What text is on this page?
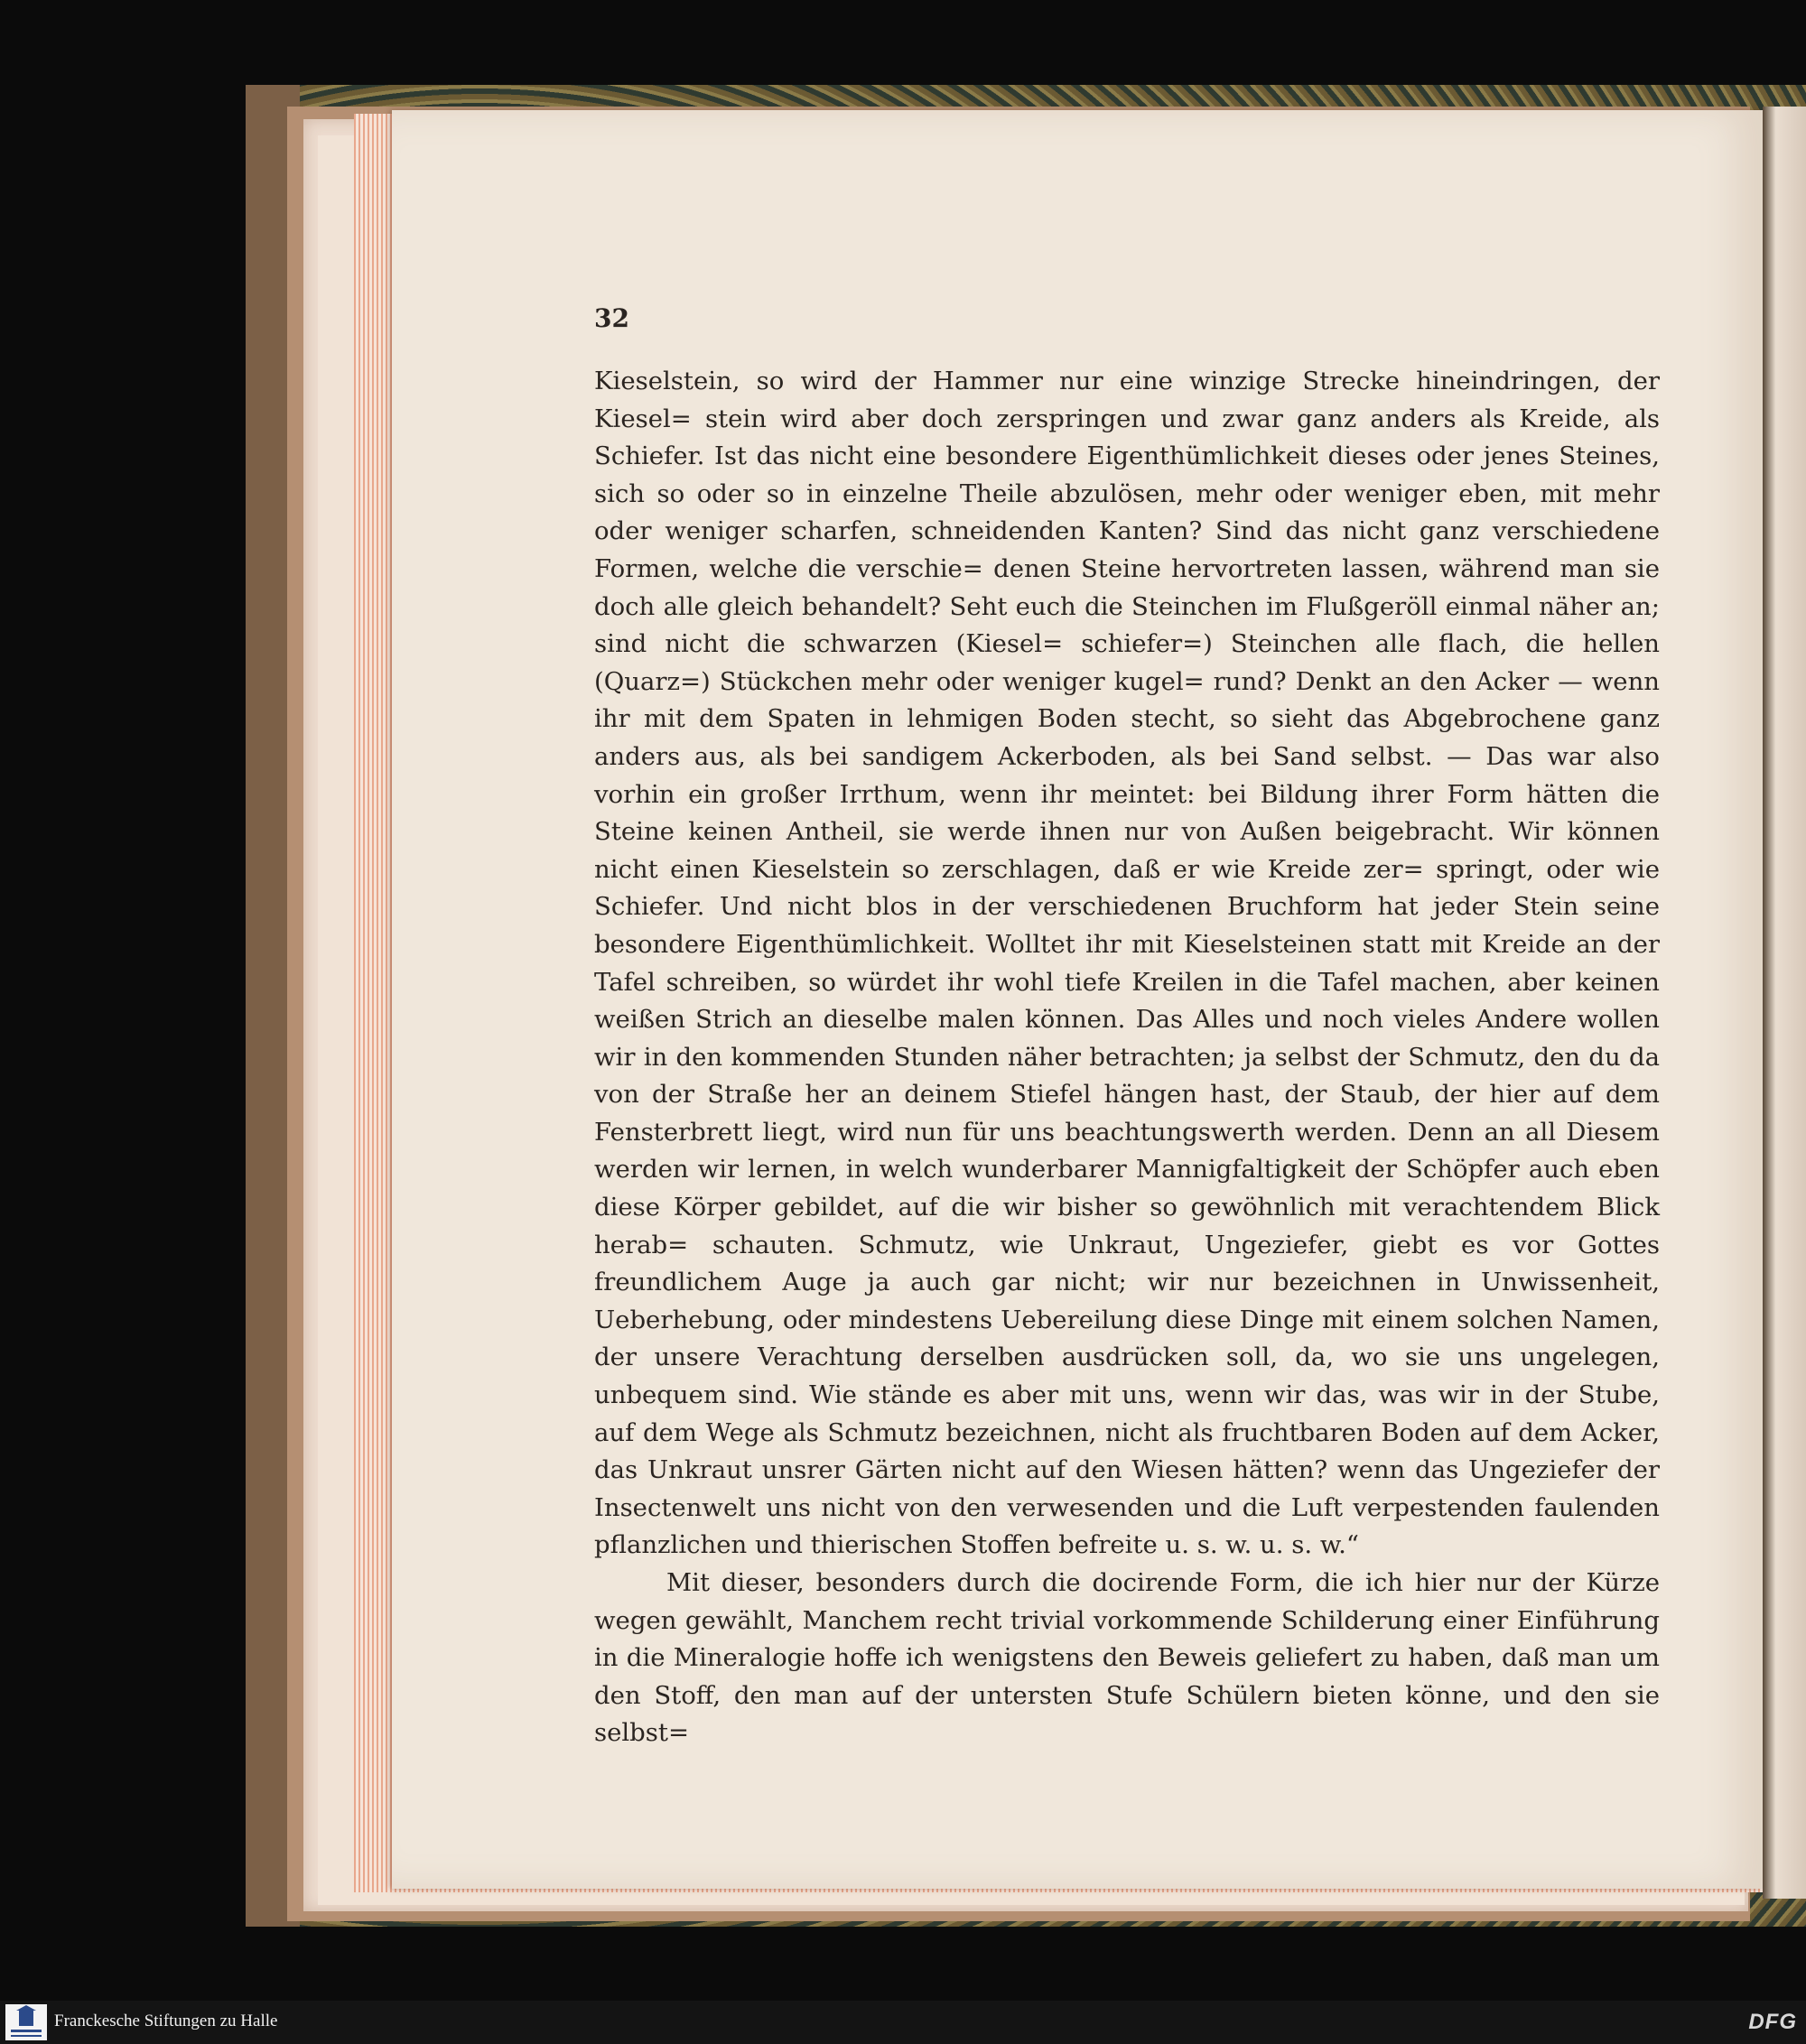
32

Kieselstein, so wird der Hammer nur eine winzige Strecke hineindringen, der Kiesel= stein wird aber doch zerspringen und zwar ganz anders als Kreide, als Schiefer. Ist das nicht eine besondere Eigenthümlichkeit dieses oder jenes Steines, sich so oder so in einzelne Theile abzulösen, mehr oder weniger eben, mit mehr oder weniger scharfen, schneidenden Kanten? Sind das nicht ganz verschiedene Formen, welche die verschie= denen Steine hervortreten lassen, während man sie doch alle gleich behandelt? Seht euch die Steinchen im Flußgeröll einmal näher an; sind nicht die schwarzen (Kiesel= schiefer=) Steinchen alle flach, die hellen (Quarz=) Stückchen mehr oder weniger kugel= rund? Denkt an den Acker — wenn ihr mit dem Spaten in lehmigen Boden stecht, so sieht das Abgebrochene ganz anders aus, als bei sandigem Ackerboden, als bei Sand selbst. — Das war also vorhin ein großer Irrthum, wenn ihr meintet: bei Bildung ihrer Form hätten die Steine keinen Antheil, sie werde ihnen nur von Außen beigebracht. Wir können nicht einen Kieselstein so zerschlagen, daß er wie Kreide zer= springt, oder wie Schiefer. Und nicht blos in der verschiedenen Bruchform hat jeder Stein seine besondere Eigenthümlichkeit. Wolltet ihr mit Kieselsteinen statt mit Kreide an der Tafel schreiben, so würdet ihr wohl tiefe Kreilen in die Tafel machen, aber keinen weißen Strich an dieselbe malen können. Das Alles und noch vieles Andere wollen wir in den kommenden Stunden näher betrachten; ja selbst der Schmutz, den du da von der Straße her an deinem Stiefel hängen hast, der Staub, der hier auf dem Fensterbrett liegt, wird nun für uns beachtungswerth werden. Denn an all Diesem werden wir lernen, in welch wunderbarer Mannigfaltigkeit der Schöpfer auch eben diese Körper gebildet, auf die wir bisher so gewöhnlich mit verachtendem Blick herab= schauten. Schmutz, wie Unkraut, Ungeziefer, giebt es vor Gottes freundlichem Auge ja auch gar nicht; wir nur bezeichnen in Unwissenheit, Ueberhebung, oder mindestens Uebereilung diese Dinge mit einem solchen Namen, der unsere Verachtung derselben ausdrücken soll, da, wo sie uns ungelegen, unbequem sind. Wie stände es aber mit uns, wenn wir das, was wir in der Stube, auf dem Wege als Schmutz bezeichnen, nicht als fruchtbaren Boden auf dem Acker, das Unkraut unsrer Gärten nicht auf den Wiesen hätten? wenn das Ungeziefer der Insectenwelt uns nicht von den verwesenden und die Luft verpestenden faulenden pflanzlichen und thierischen Stoffen befreite u. s. w. u. s. w.“

Mit dieser, besonders durch die docirende Form, die ich hier nur der Kürze wegen gewählt, Manchem recht trivial vorkommende Schilderung einer Einführung in die Mineralogie hoffe ich wenigstens den Beweis geliefert zu haben, daß man um den Stoff, den man auf der untersten Stufe Schülern bieten könne, und den sie selbst=

Franckesche Stiftungen zu Halle	DFG
